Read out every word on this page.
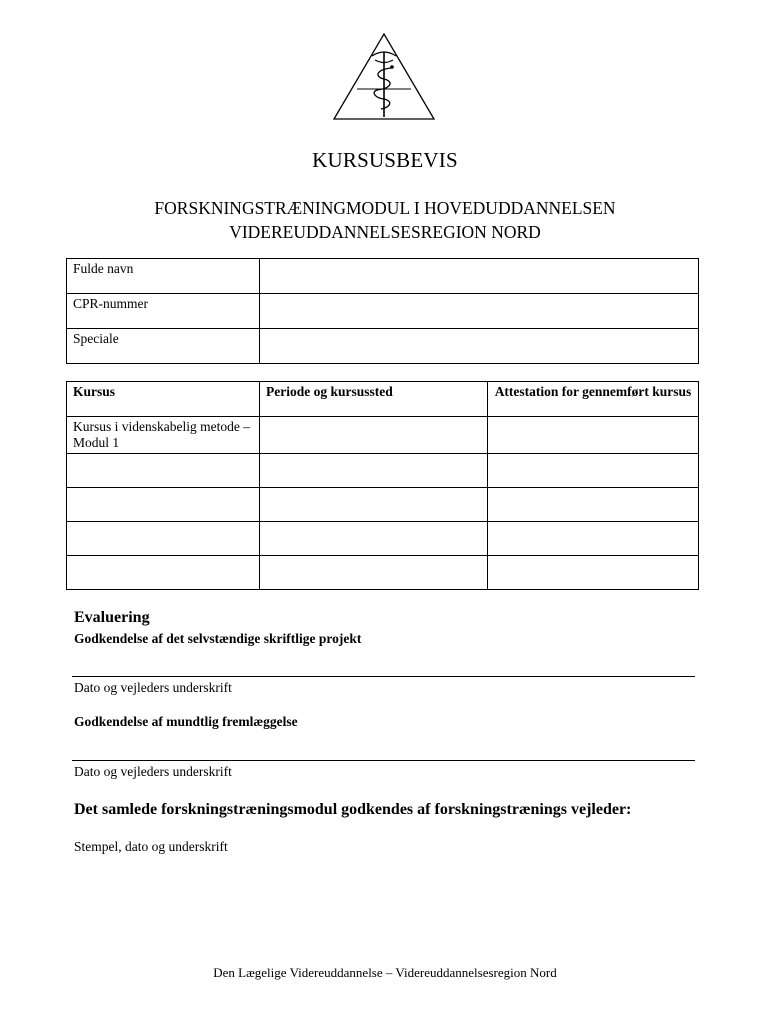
KURSUSBEVIS

FORSKNINGSTRÆNINGMODUL I HOVEDUDDANNELSEN

VIDEREUDDANNELSESREGION NORD

Fulde navn	
CPR-nummer	
Speciale	
Kursus	Periode og kursussted	Attestation for gennemført kursus
Kursus i videnskabelig metode – Modul 1		

Evaluering

Godkendelse af det selvstændige skriftlige projekt

Dato og vejleders underskrift

Godkendelse af mundtlig fremlæggelse

Dato og vejleders underskrift

Det samlede forskningstræningsmodul godkendes af forskningstrænings vejleder:

Stempel, dato og underskrift

Den Lægelige Videreuddannelse – Videreuddannelsesregion Nord
